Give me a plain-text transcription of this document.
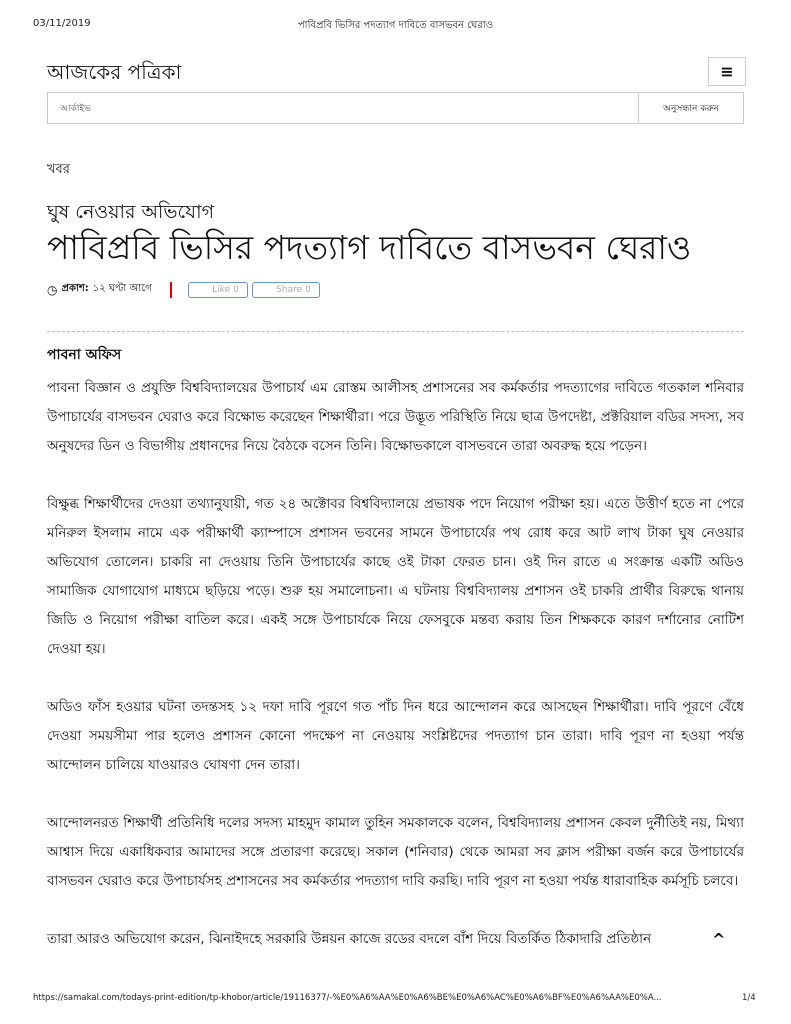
03/11/2019	পাবিপ্রবি ভিসির পদত্যাগ দাবিতে বাসভবন ঘেরাও
আজকের পত্রিকা	≡
আর্কাইভ
অনুসন্ধান করুন
খবর
ঘুষ নেওয়ার অভিযোগ
পাবিপ্রবি ভিসির পদত্যাগ দাবিতে বাসভবন ঘেরাও
◷ প্রকাশ: ১২ ঘণ্টা আগে	Like 0	Share 0
পাবনা অফিস

পাবনা বিজ্ঞান ও প্রযুক্তি বিশ্ববিদ্যালয়ের উপাচার্য এম রোস্তম আলীসহ প্রশাসনের সব কর্মকর্তার পদত্যাগের দাবিতে গতকাল শনিবার উপাচার্যের বাসভবন ঘেরাও করে বিক্ষোভ করেছেন শিক্ষার্থীরা। পরে উদ্ভূত পরিস্থিতি নিয়ে ছাত্র উপদেষ্টা, প্রক্টরিয়াল বডির সদস্য, সব অনুষদের ডিন ও বিভাগীয় প্রধানদের নিয়ে বৈঠকে বসেন তিনি। বিক্ষোভকালে বাসভবনে তারা অবরুদ্ধ হয়ে পড়েন।

বিক্ষুব্ধ শিক্ষার্থীদের দেওয়া তথ্যানুযায়ী, গত ২৪ অক্টোবর বিশ্ববিদ্যালয়ে প্রভাষক পদে নিয়োগ পরীক্ষা হয়। এতে উত্তীর্ণ হতে না পেরে মনিরুল ইসলাম নামে এক পরীক্ষার্থী ক্যাম্পাসে প্রশাসন ভবনের সামনে উপাচার্যের পথ রোধ করে আট লাখ টাকা ঘুষ নেওয়ার অভিযোগ তোলেন। চাকরি না দেওয়ায় তিনি উপাচার্যের কাছে ওই টাকা ফেরত চান। ওই দিন রাতে এ সংক্রান্ত একটি অডিও সামাজিক যোগাযোগ মাধ্যমে ছড়িয়ে পড়ে। শুরু হয় সমালোচনা। এ ঘটনায় বিশ্ববিদ্যালয় প্রশাসন ওই চাকরি প্রার্থীর বিরুদ্ধে থানায় জিডি ও নিয়োগ পরীক্ষা বাতিল করে। একই সঙ্গে উপাচার্যকে নিয়ে ফেসবুকে মন্তব্য করায় তিন শিক্ষককে কারণ দর্শানোর নোটিশ দেওয়া হয়।

অডিও ফাঁস হওয়ার ঘটনা তদন্তসহ ১২ দফা দাবি পূরণে গত পাঁচ দিন ধরে আন্দোলন করে আসছেন শিক্ষার্থীরা। দাবি পূরণে বেঁধে দেওয়া সময়সীমা পার হলেও প্রশাসন কোনো পদক্ষেপ না নেওয়ায় সংশ্লিষ্টদের পদত্যাগ চান তারা। দাবি পূরণ না হওয়া পর্যন্ত আন্দোলন চালিয়ে যাওয়ারও ঘোষণা দেন তারা।

আন্দোলনরত শিক্ষার্থী প্রতিনিধি দলের সদস্য মাহমুদ কামাল তুহিন সমকালকে বলেন, বিশ্ববিদ্যালয় প্রশাসন কেবল দুর্নীতিই নয়, মিথ্যা আশ্বাস দিয়ে একাধিকবার আমাদের সঙ্গে প্রতারণা করেছে। সকাল (শনিবার) থেকে আমরা সব ক্লাস পরীক্ষা বর্জন করে উপাচার্যের বাসভবন ঘেরাও করে উপাচার্যসহ প্রশাসনের সব কর্মকর্তার পদত্যাগ দাবি করছি। দাবি পূরণ না হওয়া পর্যন্ত ধারাবাহিক কর্মসূচি চলবে।

তারা আরও অভিযোগ করেন, ঝিনাইদহে সরকারি উন্নয়ন কাজে রডের বদলে বাঁশ দিয়ে বিতর্কিত ঠিকাদারি প্রতিষ্ঠান	^
https://samakal.com/todays-print-edition/tp-khobor/article/19116377/-%E0%A6%AA%E0%A6%BE%E0%A6%AC%E0%A6%BF%E0%A6%AA%E0%A...	1/4
